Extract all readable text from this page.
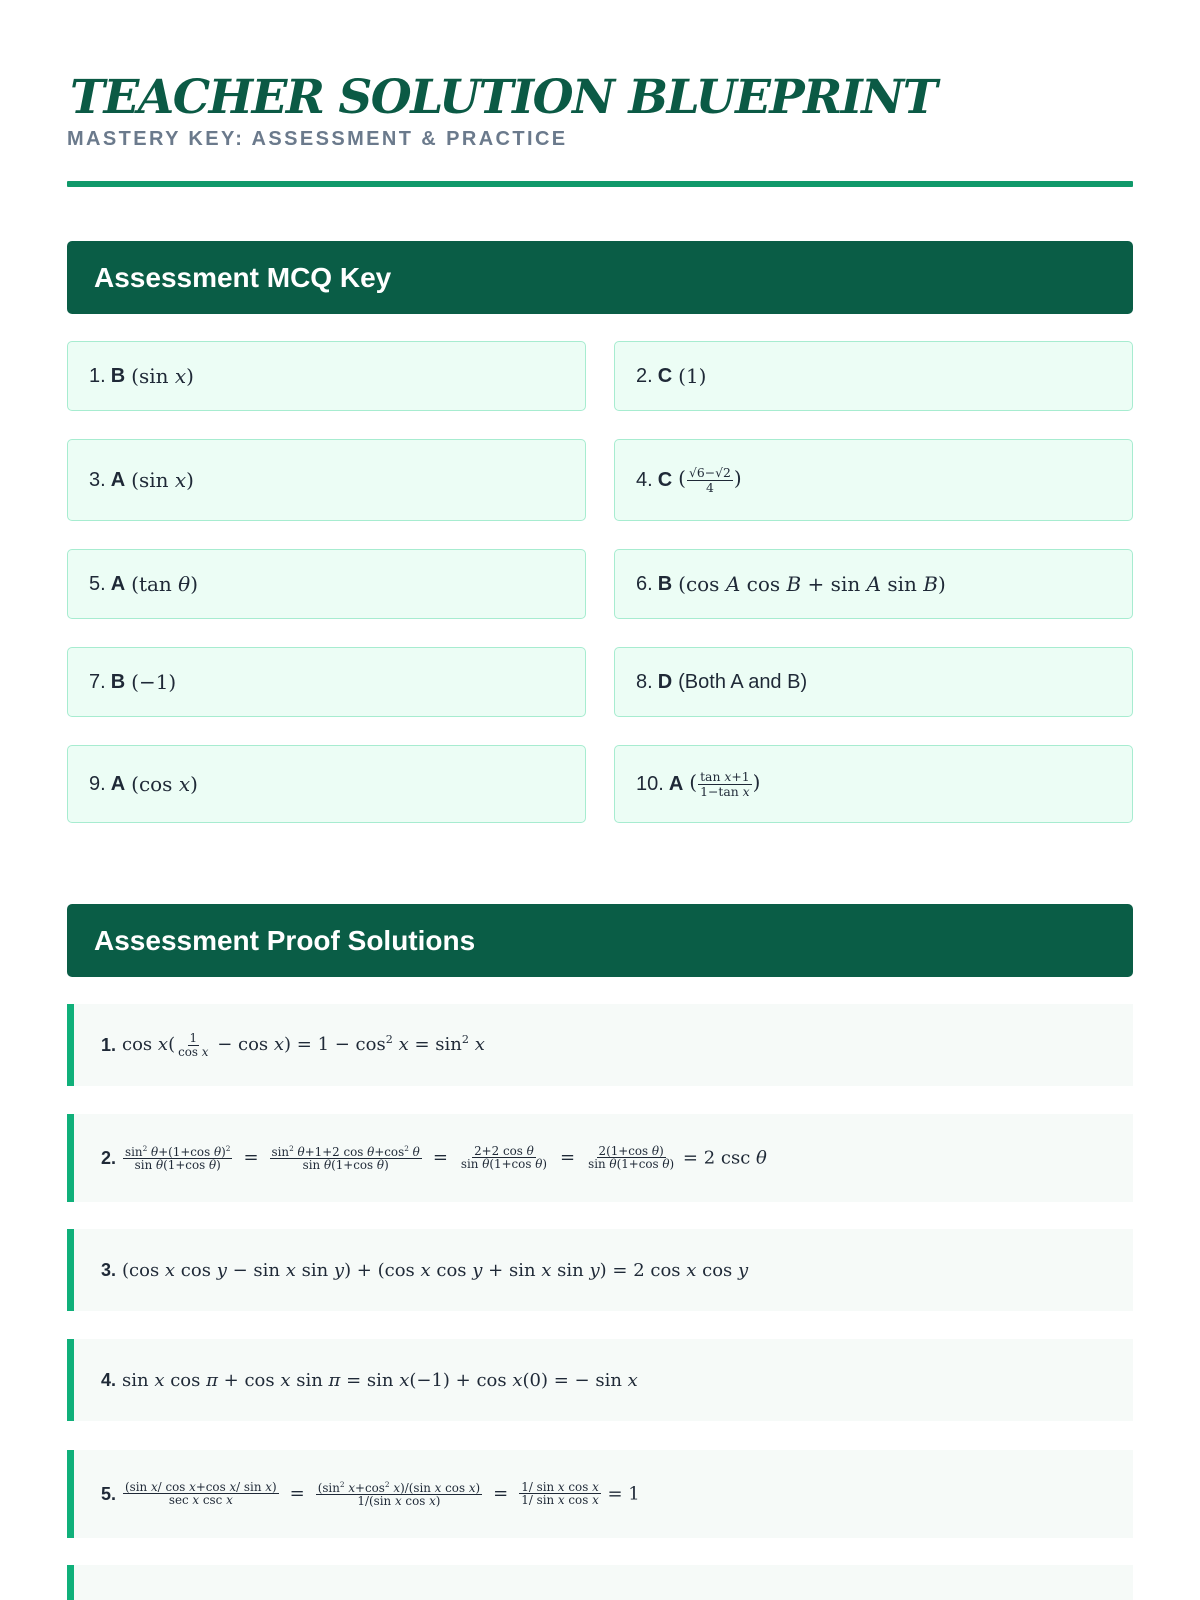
TEACHER SOLUTION BLUEPRINT
MASTERY KEY: ASSESSMENT & PRACTICE
Assessment MCQ Key
1. B (sin x)	2. C (1)
3. A (sin x)	4. C ( $\frac{√6-√2}{4}$ )
5. A (tan θ)	6. B (cos A cos B + sin A sin B)
7. B (−1)	8. D (Both A and B)
9. A (cos x)	10. A ( $\frac{\text{tan x+1}}{\text{1−tan x}}$ )
Assessment Proof Solutions
1. $\cos x( \frac{1}{\text{cos x}} - \cos x) = 1 - \cos^2 x = \sin^2 x$
2. $\frac{\sin^2 \theta+(1+\cos \theta)^2}{\text{sin θ(1+cos θ)}} = \frac{\sin^2 \theta+1+2 \cos \theta+\cos^2 \theta}{\text{sin θ(1+cos θ)}} = \frac{\text{2+2 cos θ}}{\text{sin θ(1+cos θ)}} = \frac{\text{2(1+cos θ)}}{\text{sin θ(1+cos θ)}} = 2$ csc θ
3. (cos x cos y − sin x sin y) + (cos x cos y + sin x sin y) = 2 cos x cos y
4. sin x cos π + cos x sin π = sin x(−1) + cos x(0) = − sin x
5. $\frac{\text{(sin x/ cos x+cos x/ sin x)}}{\text{sec x csc x}} = \frac{(\sin^2 x+\cos^2 x)/(\sin x \cos x)}{\text{1/(sin x cos x)}} = \frac{\text{1/ sin x cos x}}{\text{1/ sin x cos x}} = 1$
